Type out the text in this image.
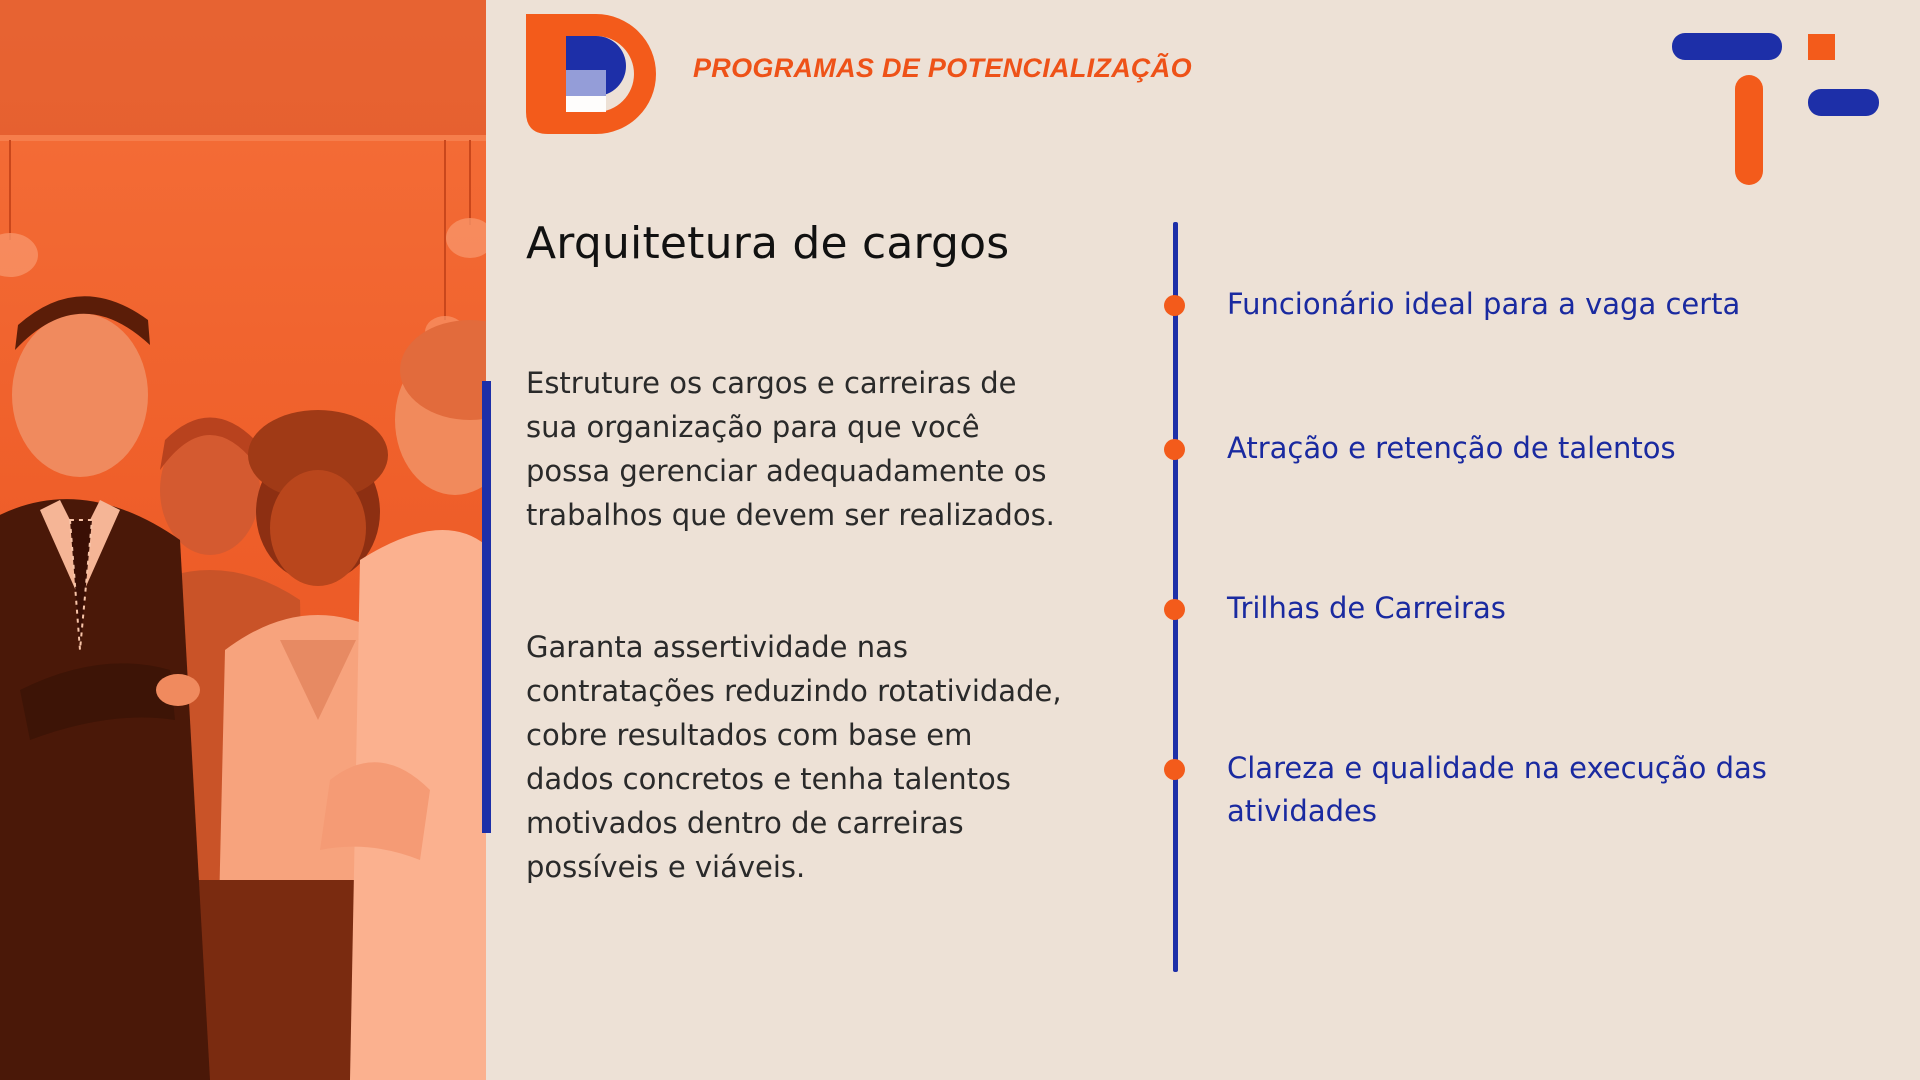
PROGRAMAS DE POTENCIALIZAÇÃO
Arquitetura de cargos

Estruture os cargos e carreiras de sua organização para que você possa gerenciar adequadamente os trabalhos que devem ser realizados.

Garanta assertividade nas contratações reduzindo rotatividade, cobre resultados com base em dados concretos e tenha talentos motivados dentro de carreiras possíveis e viáveis.

Funcionário ideal para a vaga certa
Atração e retenção de talentos
Trilhas de Carreiras
Clareza e qualidade na execução das atividades
